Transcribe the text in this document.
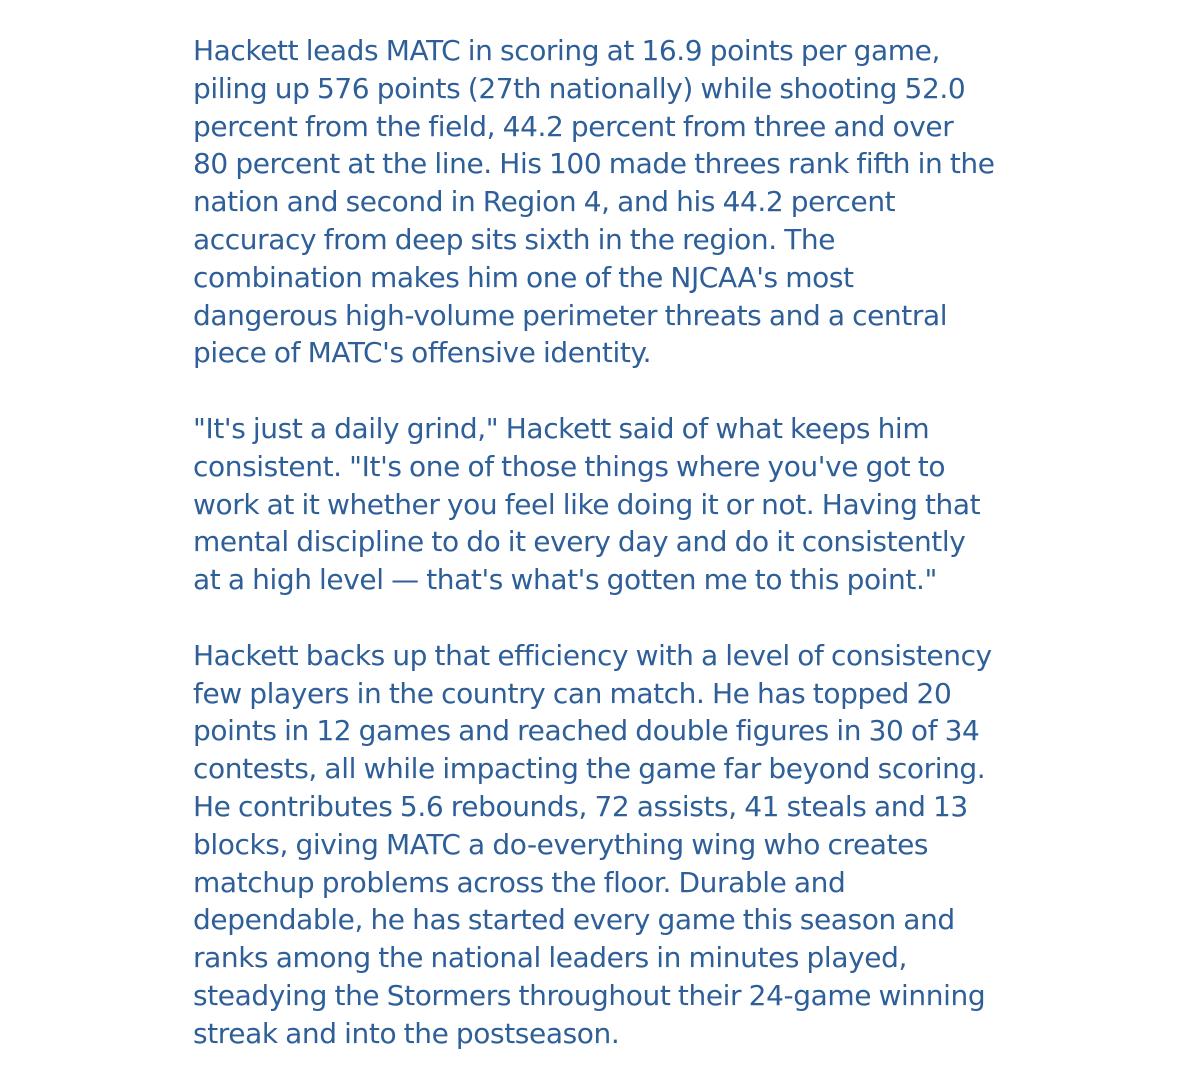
Hackett leads MATC in scoring at 16.9 points per game,
piling up 576 points (27th nationally) while shooting 52.0
percent from the field, 44.2 percent from three and over
80 percent at the line. His 100 made threes rank fifth in the
nation and second in Region 4, and his 44.2 percent
accuracy from deep sits sixth in the region. The
combination makes him one of the NJCAA's most
dangerous high-volume perimeter threats and a central
piece of MATC's offensive identity.

"It's just a daily grind," Hackett said of what keeps him
consistent. "It's one of those things where you've got to
work at it whether you feel like doing it or not. Having that
mental discipline to do it every day and do it consistently
at a high level — that's what's gotten me to this point."

Hackett backs up that efficiency with a level of consistency
few players in the country can match. He has topped 20
points in 12 games and reached double figures in 30 of 34
contests, all while impacting the game far beyond scoring.
He contributes 5.6 rebounds, 72 assists, 41 steals and 13
blocks, giving MATC a do-everything wing who creates
matchup problems across the floor. Durable and
dependable, he has started every game this season and
ranks among the national leaders in minutes played,
steadying the Stormers throughout their 24-game winning
streak and into the postseason.
